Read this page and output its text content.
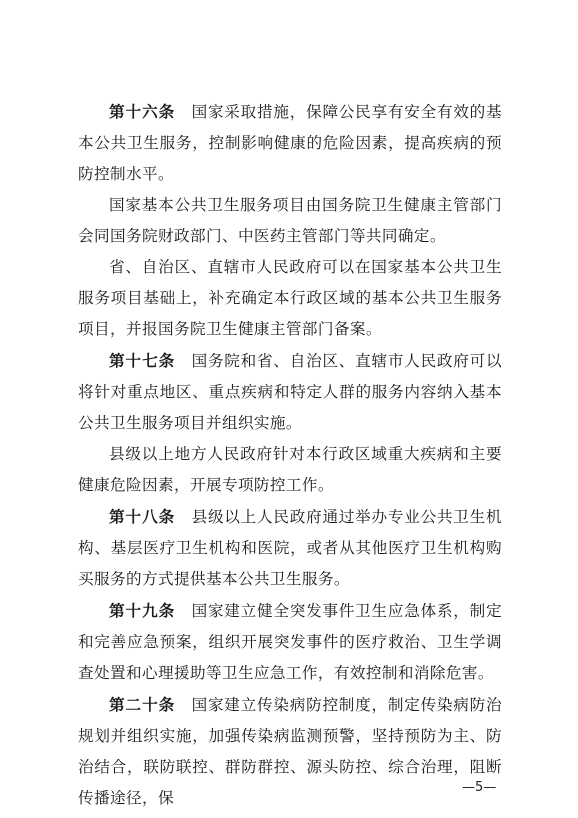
第十六条　 国家采取措施，保障公民享有安全有效的基本公共卫生服务，控制影响健康的危险因素，提高疾病的预防控制水平。

国家基本公共卫生服务项目由国务院卫生健康主管部门会同国务院财政部门、中医药主管部门等共同确定。

省、自治区、直辖市人民政府可以在国家基本公共卫生服务项目基础上，补充确定本行政区域的基本公共卫生服务项目，并报国务院卫生健康主管部门备案。

第十七条　 国务院和省、自治区、直辖市人民政府可以将针对重点地区、重点疾病和特定人群的服务内容纳入基本公共卫生服务项目并组织实施。

县级以上地方人民政府针对本行政区域重大疾病和主要健康危险因素，开展专项防控工作。

第十八条　 县级以上人民政府通过举办专业公共卫生机构、基层医疗卫生机构和医院，或者从其他医疗卫生机构购买服务的方式提供基本公共卫生服务。

第十九条　 国家建立健全突发事件卫生应急体系，制定和完善应急预案，组织开展突发事件的医疗救治、卫生学调查处置和心理援助等卫生应急工作，有效控制和消除危害。

第二十条　 国家建立传染病防控制度，制定传染病防治规划并组织实施，加强传染病监测预警，坚持预防为主、防治结合，联防联控、群防群控、源头防控、综合治理，阻断传播途径，保

—5—
